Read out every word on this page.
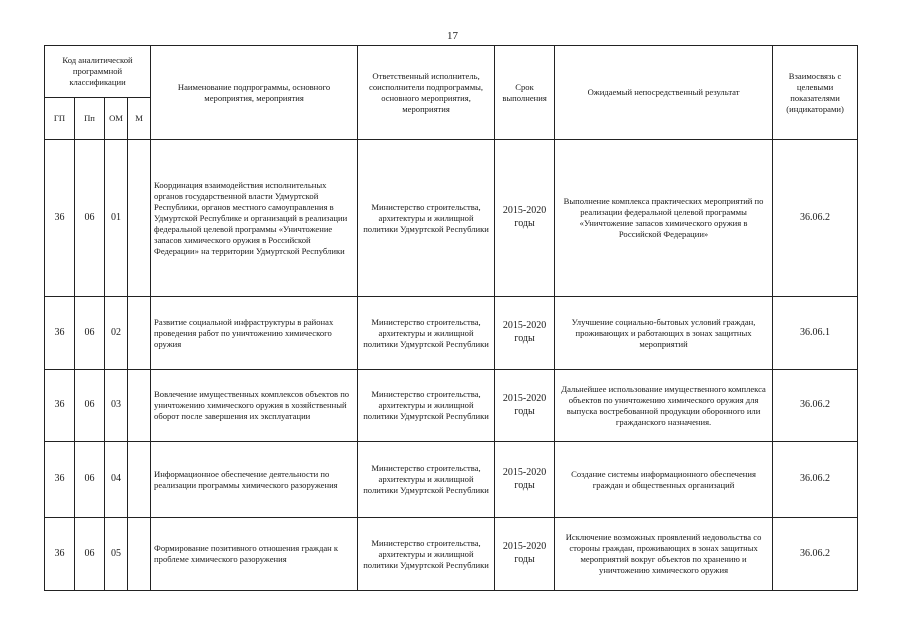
17
Код аналитической программной классификации				Наименование подпрограммы, основного мероприятия, мероприятия	Ответственный исполнитель, соисполнители подпрограммы, основного мероприятия, мероприятия	Срок выполнения	Ожидаемый непосредственный результат	Взаимосвязь с целевыми показателями (индикаторами)
ГП	Пп	ОМ	М					
36	06	01		Координация взаимодействия исполнительных органов государственной власти Удмуртской Республики, органов местного самоуправления в Удмуртской Республике и организаций в реализации федеральной целевой программы «Уничтожение запасов химического оружия в Российской Федерации» на территории Удмуртской Республики	Министерство строительства, архитектуры и жилищной политики Удмуртской Республики	2015-2020 годы	Выполнение комплекса практических мероприятий по реализации федеральной целевой программы «Уничтожение запасов химического оружия в Российской Федерации»	36.06.2
36	06	02		Развитие социальной инфраструктуры в районах проведения работ по уничтожению химического оружия	Министерство строительства, архитектуры и жилищной политики Удмуртской Республики	2015-2020 годы	Улучшение социально-бытовых условий граждан, проживающих и работающих в зонах защитных мероприятий	36.06.1
36	06	03		Вовлечение имущественных комплексов объектов по уничтожению химического оружия в хозяйственный оборот после завершения их эксплуатации	Министерство строительства, архитектуры и жилищной политики Удмуртской Республики	2015-2020 годы	Дальнейшее использование имущественного комплекса объектов по уничтожению химического оружия для выпуска востребованной продукции оборонного или гражданского назначения.	36.06.2
36	06	04		Информационное обеспечение деятельности по реализации программы химического разоружения	Министерство строительства, архитектуры и жилищной политики Удмуртской Республики	2015-2020 годы	Создание системы информационного обеспечения граждан и общественных организаций	36.06.2
36	06	05		Формирование позитивного отношения граждан к проблеме химического разоружения	Министерство строительства, архитектуры и жилищной политики Удмуртской Республики	2015-2020 годы	Исключение возможных проявлений недовольства со стороны граждан, проживающих в зонах защитных мероприятий вокруг объектов по хранению и уничтожению химического оружия	36.06.2
